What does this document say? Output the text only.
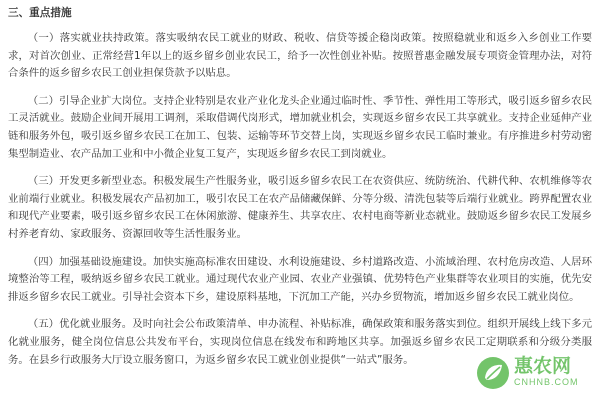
三、重点措施

（一）落实就业扶持政策。落实吸纳农民工就业的财政、税收、信贷等援企稳岗政策。按照稳就业和返乡入乡创业工作要求，对首次创业、正常经营1年以上的返乡留乡创业农民工，给予一次性创业补贴。按照普惠金融发展专项资金管理办法，对符合条件的返乡留乡农民工创业担保贷款予以贴息。

（二）引导企业扩大岗位。支持企业特别是农业产业化龙头企业通过临时性、季节性、弹性用工等形式，吸引返乡留乡农民工灵活就业。鼓励企业间开展用工调剂，采取借调代岗形式，增加就业机会，实现返乡留乡农民工共享就业。支持企业延伸产业链和服务外包，吸引返乡留乡农民工在加工、包装、运输等环节交替上岗，实现返乡留乡农民工临时兼业。有序推进乡村劳动密集型制造业、农产品加工业和中小微企业复工复产，实现返乡留乡农民工到岗就业。

（三）开发更多新型业态。积极发展生产性服务业，吸引返乡留乡农民工在农资供应、统防统治、代耕代种、农机维修等农业前端行业就业。积极发展农产品初加工，吸引农民工在农产品储藏保鲜、分等分级、清洗包装等后端行业就业。跨界配置农业和现代产业要素，吸引返乡留乡农民工在休闲旅游、健康养生、共享农庄、农村电商等新业态就业。鼓励返乡留乡农民工发展乡村养老育幼、家政服务、资源回收等生活性服务业。

（四）加强基础设施建设。加快实施高标准农田建设、水利设施建设、乡村道路改造、小流域治理、农村危房改造、人居环境整治等工程，吸纳返乡留乡农民工就业。通过现代农业产业园、农业产业强镇、优势特色产业集群等农业项目的实施，优先安排返乡留乡农民工就业。引导社会资本下乡，建设原料基地，下沉加工产能，兴办乡贸物流，增加返乡留乡农民工就业岗位。

（五）优化就业服务。及时向社会公布政策清单、申办流程、补贴标准，确保政策和服务落实到位。组织开展线上线下多元化就业服务，健全岗位信息公共发布平台，实现岗位信息在线发布和跨地区共享。加强返乡留乡农民工定期联系和分级分类服务。在县乡行政服务大厅设立服务窗口，为返乡留乡农民工就业创业提供“一站式”服务。	惠农网
CNHNB.COM
